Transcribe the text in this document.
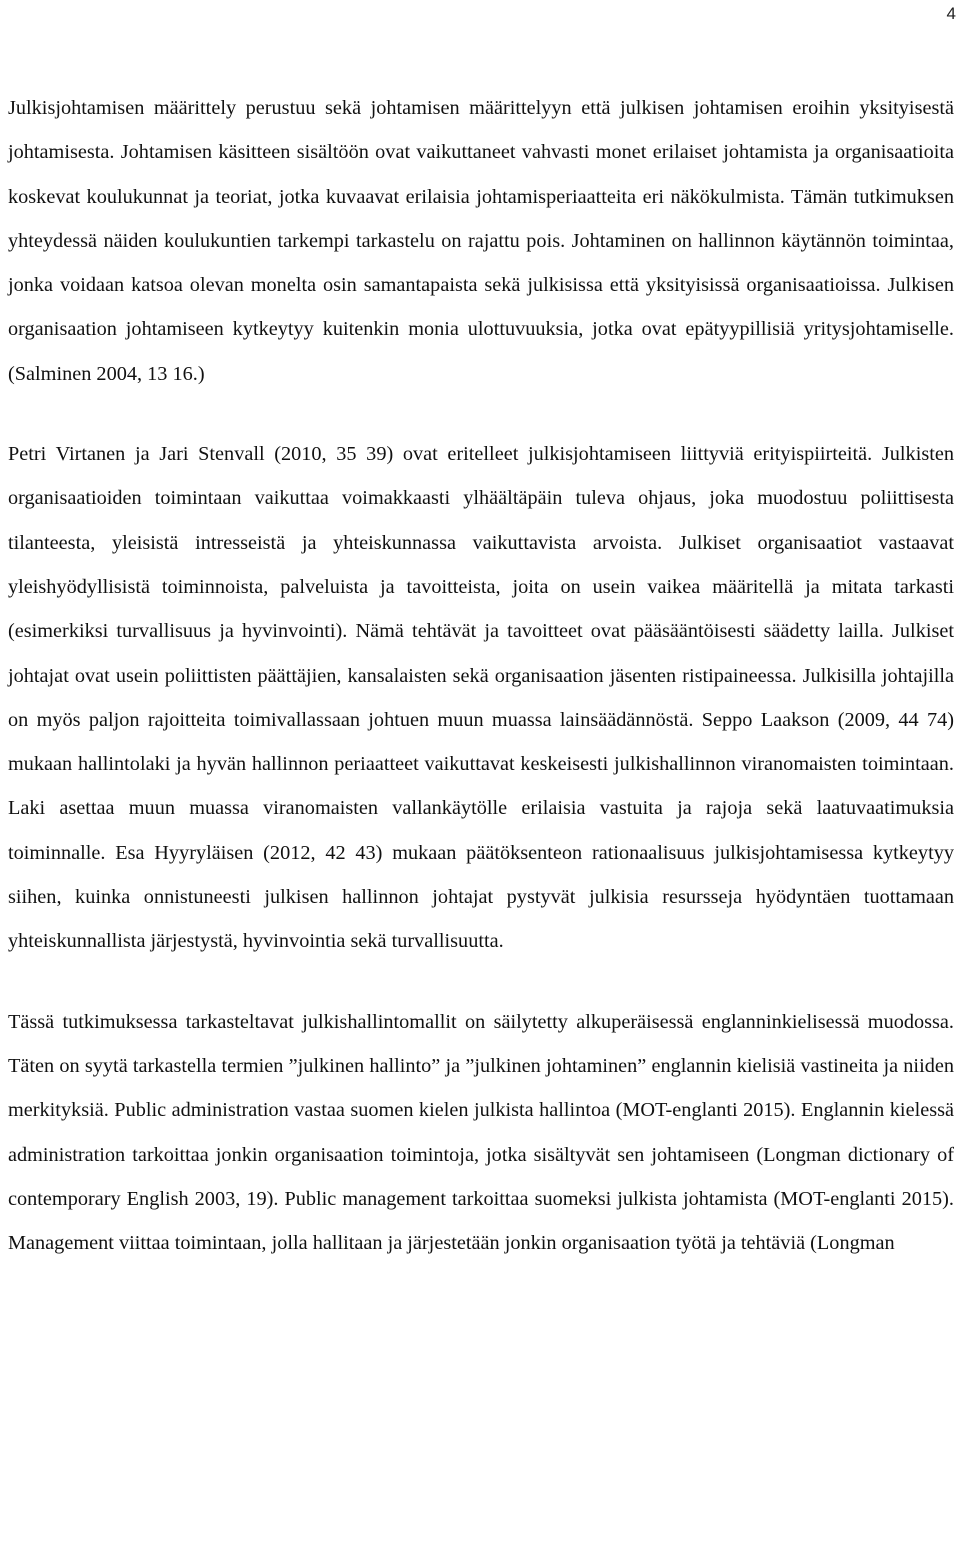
4

Julkisjohtamisen määrittely perustuu sekä johtamisen määrittelyyn että julkisen johtamisen eroihin yksityisestä johtamisesta. Johtamisen käsitteen sisältöön ovat vaikuttaneet vahvasti monet erilaiset johtamista ja organisaatioita koskevat koulukunnat ja teoriat, jotka kuvaavat erilaisia johtamisperiaatteita eri näkökulmista. Tämän tutkimuksen yhteydessä näiden koulukuntien tarkempi tarkastelu on rajattu pois. Johtaminen on hallinnon käytännön toimintaa, jonka voidaan katsoa olevan monelta osin samantapaista sekä julkisissa että yksityisissä organisaatioissa. Julkisen organisaation johtamiseen kytkeytyy kuitenkin monia ulottuvuuksia, jotka ovat epätyypillisiä yritysjohtamiselle. (Salminen 2004, 13 16.)

Petri Virtanen ja Jari Stenvall (2010, 35 39) ovat eritelleet julkisjohtamiseen liittyviä erityispiirteitä. Julkisten organisaatioiden toimintaan vaikuttaa voimakkaasti ylhäältäpäin tuleva ohjaus, joka muodostuu poliittisesta tilanteesta, yleisistä intresseistä ja yhteiskunnassa vaikuttavista arvoista. Julkiset organisaatiot vastaavat yleishyödyllisistä toiminnoista, palveluista ja tavoitteista, joita on usein vaikea määritellä ja mitata tarkasti (esimerkiksi turvallisuus ja hyvinvointi). Nämä tehtävät ja tavoitteet ovat pääsääntöisesti säädetty lailla. Julkiset johtajat ovat usein poliittisten päättäjien, kansalaisten sekä organisaation jäsenten ristipaineessa. Julkisilla johtajilla on myös paljon rajoitteita toimivallassaan johtuen muun muassa lainsäädännöstä. Seppo Laakson (2009, 44 74) mukaan hallintolaki ja hyvän hallinnon periaatteet vaikuttavat keskeisesti julkishallinnon viranomaisten toimintaan. Laki asettaa muun muassa viranomaisten vallankäytölle erilaisia vastuita ja rajoja sekä laatuvaatimuksia toiminnalle. Esa Hyyryläisen (2012, 42 43) mukaan päätöksenteon rationaalisuus julkisjohtamisessa kytkeytyy siihen, kuinka onnistuneesti julkisen hallinnon johtajat pystyvät julkisia resursseja hyödyntäen tuottamaan yhteiskunnallista järjestystä, hyvinvointia sekä turvallisuutta.

Tässä tutkimuksessa tarkasteltavat julkishallintomallit on säilytetty alkuperäisessä englanninkielisessä muodossa. Täten on syytä tarkastella termien ”julkinen hallinto” ja ”julkinen johtaminen” englannin kielisiä vastineita ja niiden merkityksiä. Public administration vastaa suomen kielen julkista hallintoa (MOT-englanti 2015). Englannin kielessä administration tarkoittaa jonkin organisaation toimintoja, jotka sisältyvät sen johtamiseen (Longman dictionary of contemporary English 2003, 19). Public management tarkoittaa suomeksi julkista johtamista (MOT-englanti 2015). Management viittaa toimintaan, jolla hallitaan ja järjestetään jonkin organisaation työtä ja tehtäviä (Longman
